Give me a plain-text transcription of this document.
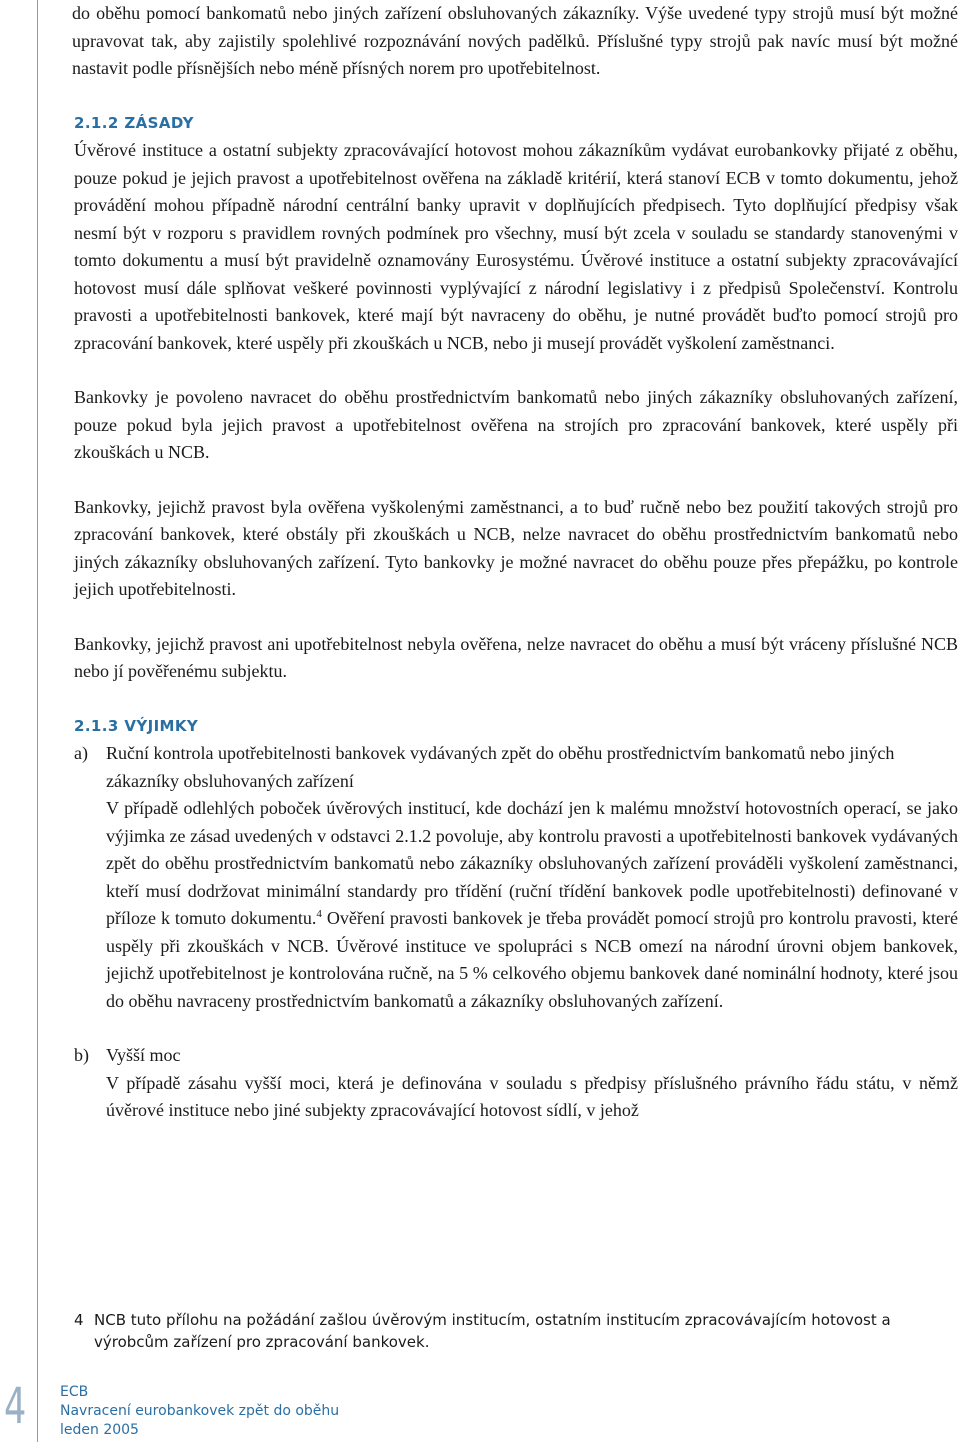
do oběhu pomocí bankomatů nebo jiných zařízení obsluhovaných zákazníky. Výše uvedené typy strojů musí být možné upravovat tak, aby zajistily spolehlivé rozpoznávání nových padělků. Příslušné typy strojů pak navíc musí být možné nastavit podle přísnějších nebo méně přísných norem pro upotřebitelnost.

2.1.2 ZÁSADY

Úvěrové instituce a ostatní subjekty zpracovávající hotovost mohou zákazníkům vydávat eurobankovky přijaté z oběhu, pouze pokud je jejich pravost a upotřebitelnost ověřena na základě kritérií, která stanoví ECB v tomto dokumentu, jehož provádění mohou případně národní centrální banky upravit v doplňujících předpisech. Tyto doplňující předpisy však nesmí být v rozporu s pravidlem rovných podmínek pro všechny, musí být zcela v souladu se standardy stanovenými v tomto dokumentu a musí být pravidelně oznamovány Eurosystému. Úvěrové instituce a ostatní subjekty zpracovávající hotovost musí dále splňovat veškeré povinnosti vyplývající z národní legislativy i z předpisů Společenství. Kontrolu pravosti a upotřebitelnosti bankovek, které mají být navraceny do oběhu, je nutné provádět buďto pomocí strojů pro zpracování bankovek, které uspěly při zkouškách u NCB, nebo ji musejí provádět vyškolení zaměstnanci.

Bankovky je povoleno navracet do oběhu prostřednictvím bankomatů nebo jiných zákazníky obsluhovaných zařízení, pouze pokud byla jejich pravost a upotřebitelnost ověřena na strojích pro zpracování bankovek, které uspěly při zkouškách u NCB.

Bankovky, jejichž pravost byla ověřena vyškolenými zaměstnanci, a to buď ručně nebo bez použití takových strojů pro zpracování bankovek, které obstály při zkouškách u NCB, nelze navracet do oběhu prostřednictvím bankomatů nebo jiných zákazníky obsluhovaných zařízení. Tyto bankovky je možné navracet do oběhu pouze přes přepážku, po kontrole jejich upotřebitelnosti.

Bankovky, jejichž pravost ani upotřebitelnost nebyla ověřena, nelze navracet do oběhu a musí být vráceny příslušné NCB nebo jí pověřenému subjektu.

2.1.3 VÝJIMKY
a)	Ruční kontrola upotřebitelnosti bankovek vydávaných zpět do oběhu prostřednictvím bankomatů nebo jiných zákazníky obsluhovaných zařízení

V případě odlehlých poboček úvěrových institucí, kde dochází jen k malému množství hotovostních operací, se jako výjimka ze zásad uvedených v odstavci 2.1.2 povoluje, aby kontrolu pravosti a upotřebitelnosti bankovek vydávaných zpět do oběhu prostřednictvím bankomatů nebo zákazníky obsluhovaných zařízení prováděli vyškolení zaměstnanci, kteří musí dodržovat minimální standardy pro třídění (ruční třídění bankovek podle upotřebitelnosti) definované v příloze k tomuto dokumentu.$^4$ Ověření pravosti bankovek je třeba provádět pomocí strojů pro kontrolu pravosti, které uspěly při zkouškách v NCB. Úvěrové instituce ve spolupráci s NCB omezí na národní úrovni objem bankovek, jejichž upotřebitelnost je kontrolována ručně, na 5 % celkového objemu bankovek dané nominální hodnoty, které jsou do oběhu navraceny prostřednictvím bankomatů a zákazníky obsluhovaných zařízení.

b) Vyšší moc

V případě zásahu vyšší moci, která je definována v souladu s předpisy příslušného právního řádu státu, v němž úvěrové instituce nebo jiné subjekty zpracovávající hotovost sídlí, v jehož

4 NCB tuto přílohu na požádání zašlou úvěrovým institucím, ostatním institucím zpracovávajícím hotovost a výrobcům zařízení pro zpracování bankovek.
4 ECB
Navracení eurobankovek zpět do oběhu
leden 2005
